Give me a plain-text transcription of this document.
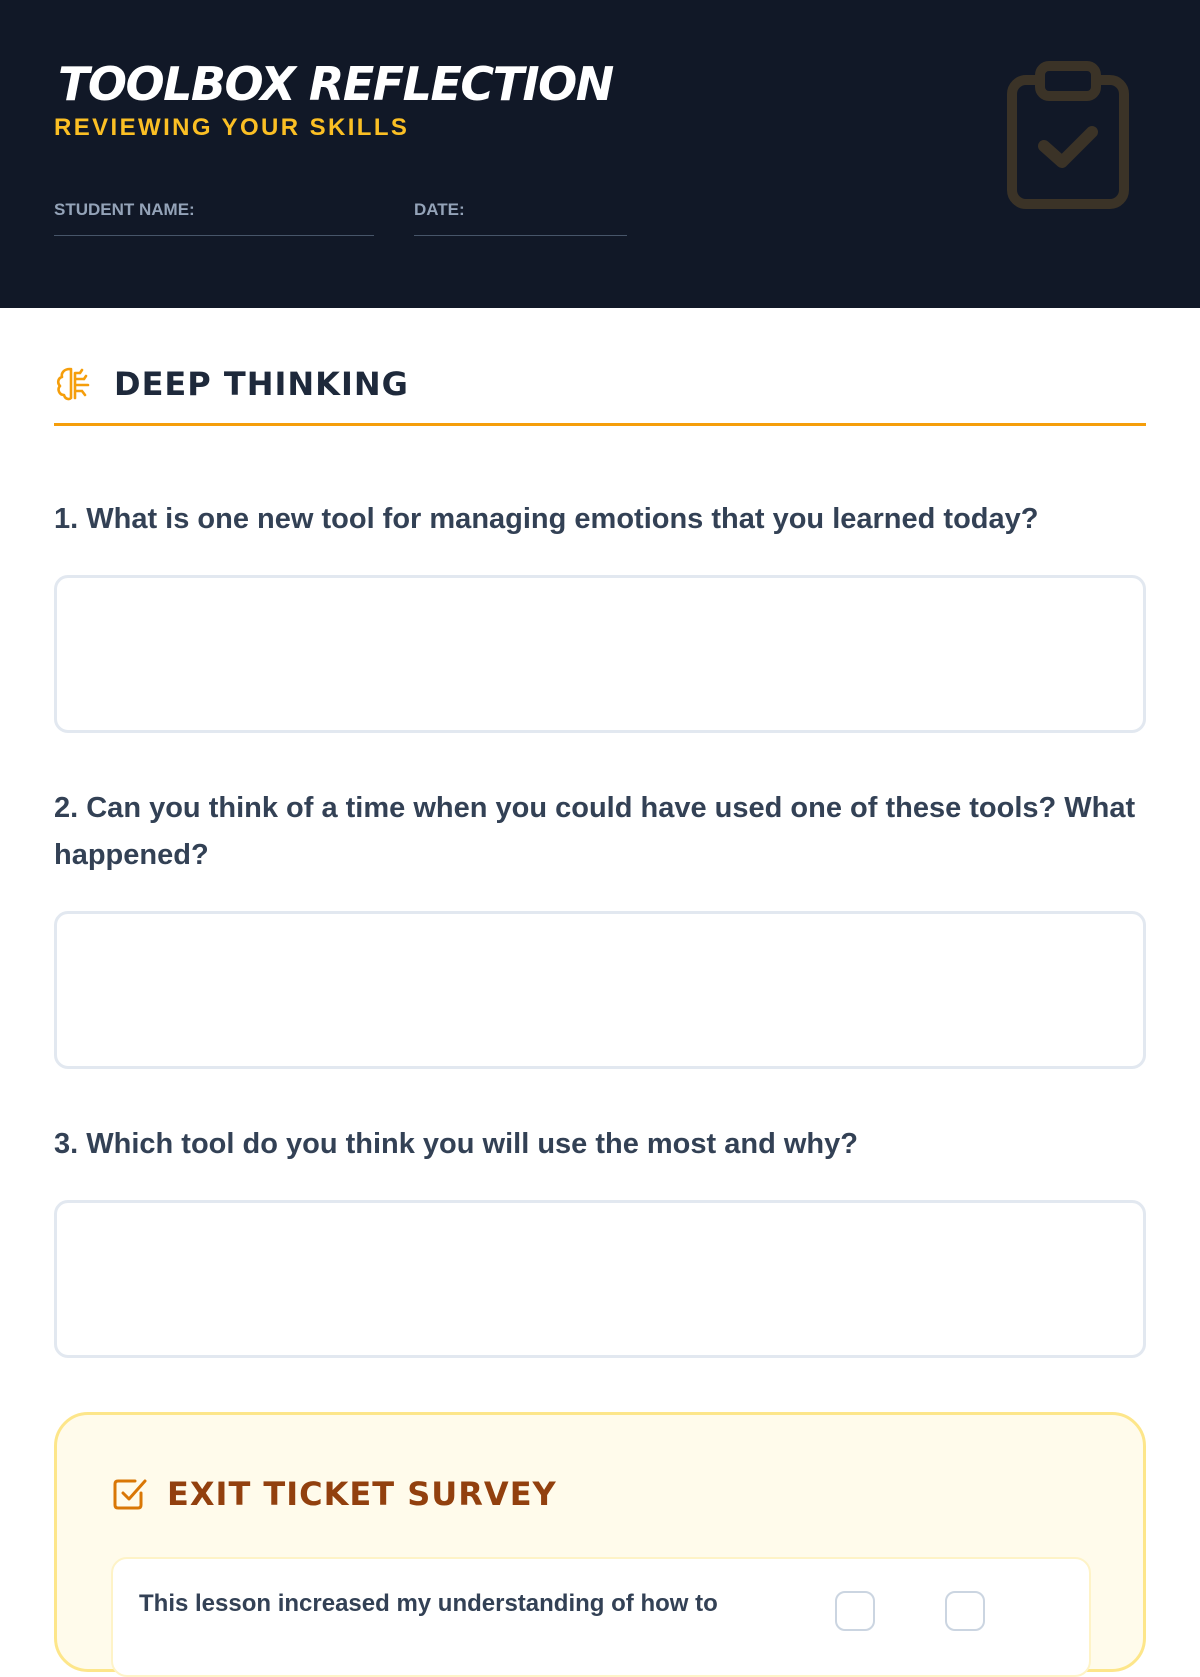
TOOLBOX REFLECTION
REVIEWING YOUR SKILLS
STUDENT NAME:	DATE:
DEEP THINKING
1. What is one new tool for managing emotions that you learned today?
2. Can you think of a time when you could have used one of these tools? What happened?
3. Which tool do you think you will use the most and why?
EXIT TICKET SURVEY
This lesson increased my understanding of how to
